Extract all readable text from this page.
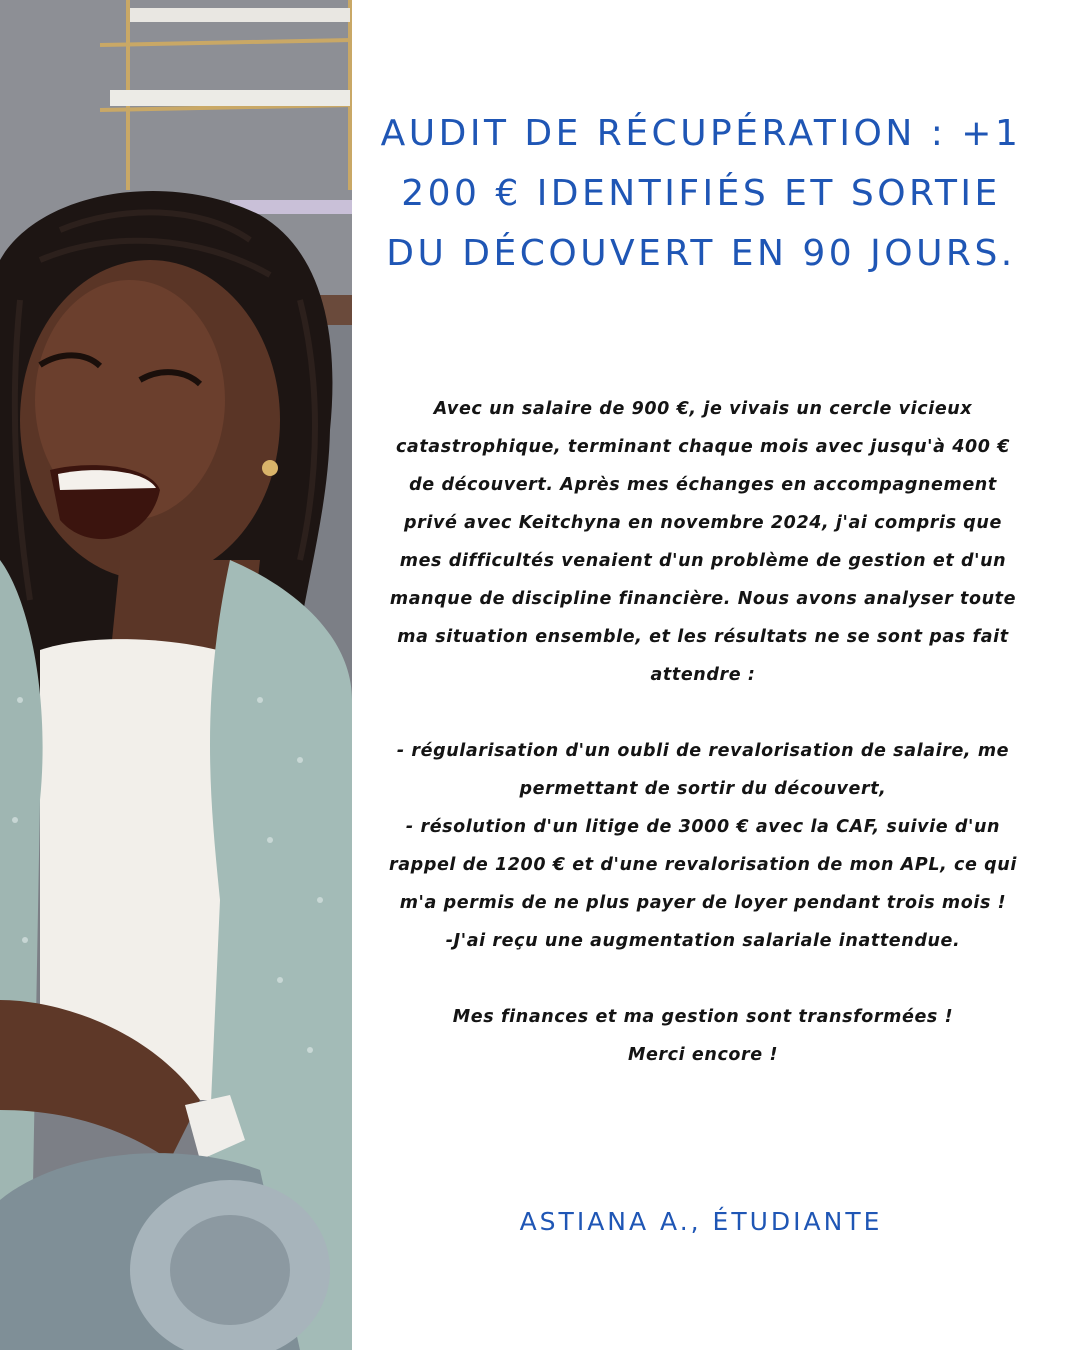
AUDIT DE RÉCUPÉRATION : +1 200 € IDENTIFIÉS ET SORTIE DU DÉCOUVERT EN 90 JOURS.

Avec un salaire de 900 €, je vivais un cercle vicieux catastrophique, terminant chaque mois avec jusqu'à 400 € de découvert. Après mes échanges en accompagnement privé avec Keitchyna en novembre 2024, j'ai compris que mes difficultés venaient d'un problème de gestion et d'un manque de discipline financière. Nous avons analyser toute ma situation ensemble, et les résultats ne se sont pas fait attendre :

- régularisation d'un oubli de revalorisation de salaire, me permettant de sortir du découvert,

- résolution d'un litige de 3000 € avec la CAF, suivie d'un rappel de 1200 € et d'une revalorisation de mon APL, ce qui m'a permis de ne plus payer de loyer pendant trois mois !

-J'ai reçu une augmentation salariale inattendue.

Mes finances et ma gestion sont transformées !

Merci encore !

ASTIANA A., ÉTUDIANTE
